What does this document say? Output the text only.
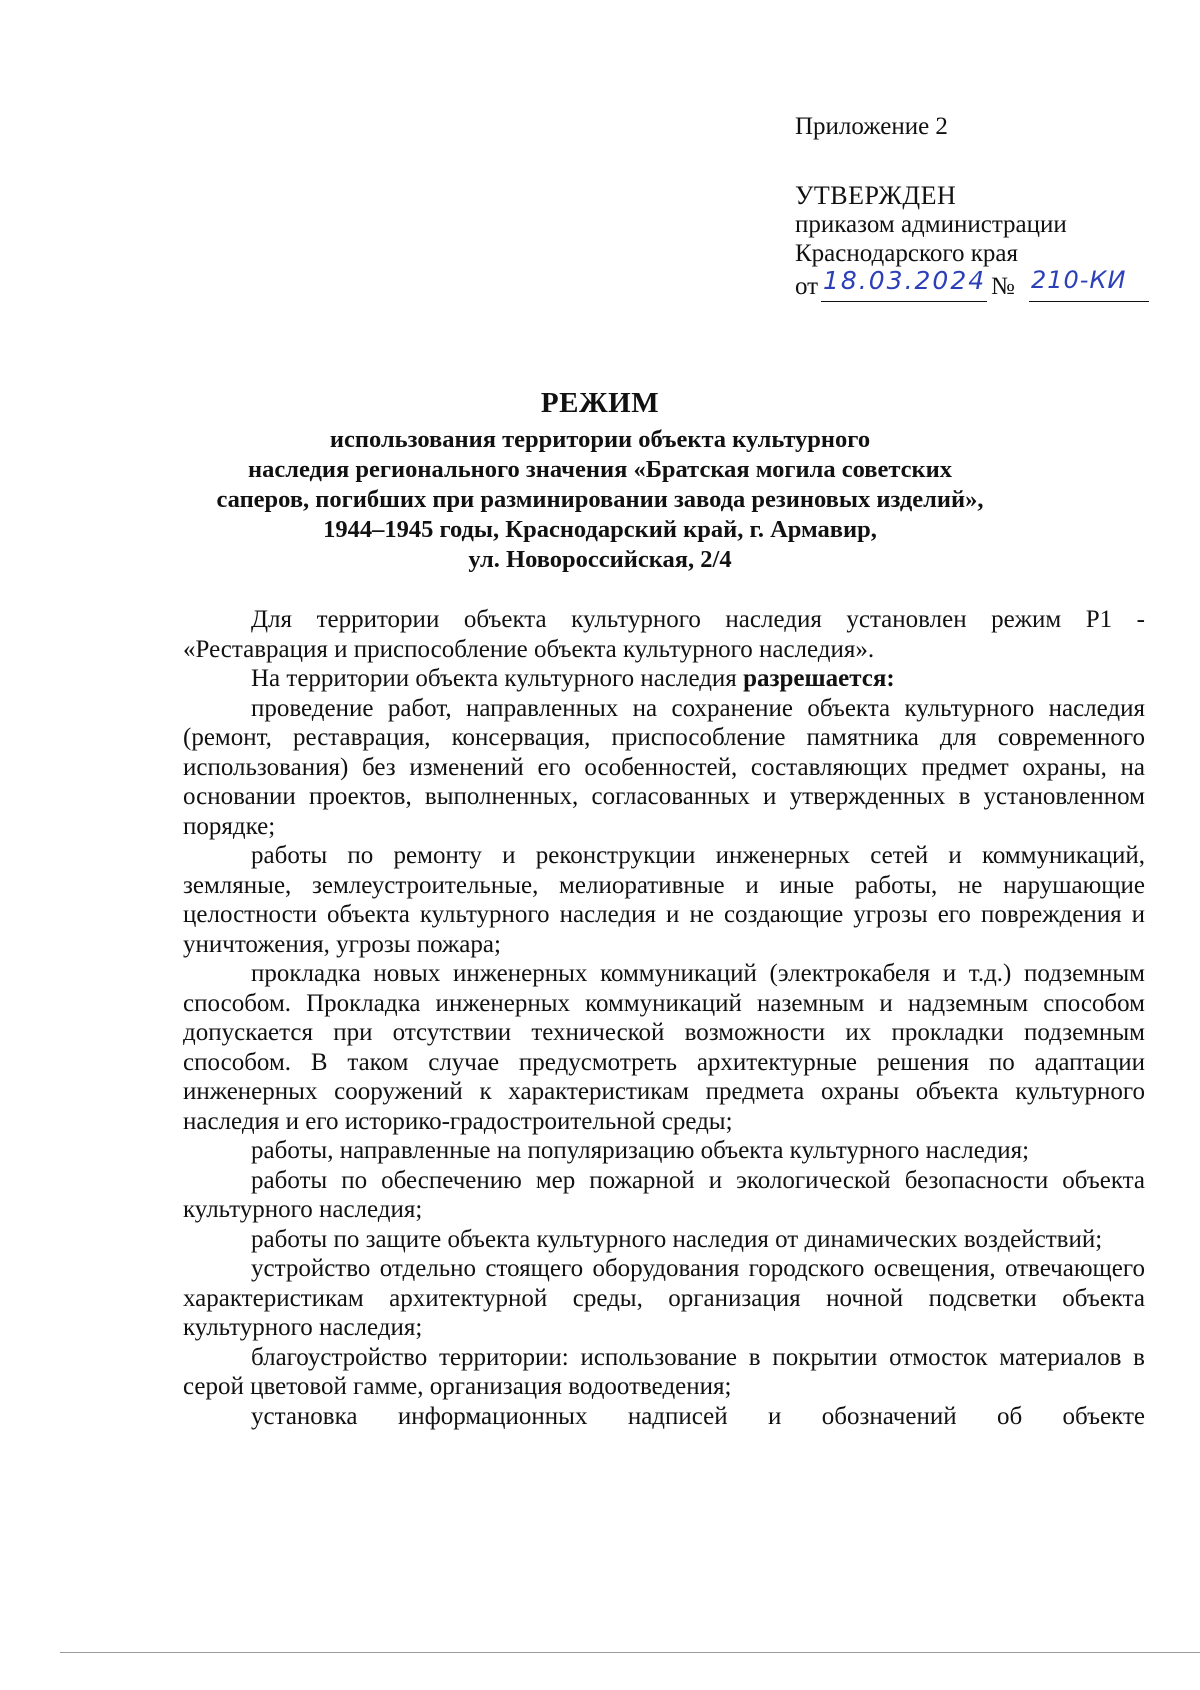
Приложение 2
УТВЕРЖДЕН
приказом администрации
Краснодарского края
от 18.03.2024 № 210-КИ
РЕЖИМ
использования территории объекта культурного
наследия регионального значения «Братская могила советских
саперов, погибших при разминировании завода резиновых изделий»,
1944–1945 годы, Краснодарский край, г. Армавир,
ул. Новороссийская, 2/4

Для территории объекта культурного наследия установлен режим Р1 - «Реставрация и приспособление объекта культурного наследия».

На территории объекта культурного наследия разрешается:

проведение работ, направленных на сохранение объекта культурного наследия (ремонт, реставрация, консервация, приспособление памятника для современного использования) без изменений его особенностей, составляющих предмет охраны, на основании проектов, выполненных, согласованных и утвержденных в установленном порядке;

работы по ремонту и реконструкции инженерных сетей и коммуникаций, земляные, землеустроительные, мелиоративные и иные работы, не нарушающие целостности объекта культурного наследия и не создающие угрозы его повреждения и уничтожения, угрозы пожара;

прокладка новых инженерных коммуникаций (электрокабеля и т.д.) подземным способом. Прокладка инженерных коммуникаций наземным и надземным способом допускается при отсутствии технической возможности их прокладки подземным способом. В таком случае предусмотреть архитектурные решения по адаптации инженерных сооружений к характеристикам предмета охраны объекта культурного наследия и его историко-градостроительной среды;

работы, направленные на популяризацию объекта культурного наследия;

работы по обеспечению мер пожарной и экологической безопасности объекта культурного наследия;

работы по защите объекта культурного наследия от динамических воздействий;

устройство отдельно стоящего оборудования городского освещения, отвечающего характеристикам архитектурной среды, организация ночной подсветки объекта культурного наследия;

благоустройство территории: использование в покрытии отмосток материалов в серой цветовой гамме, организация водоотведения;

установка информационных надписей и обозначений об объекте
